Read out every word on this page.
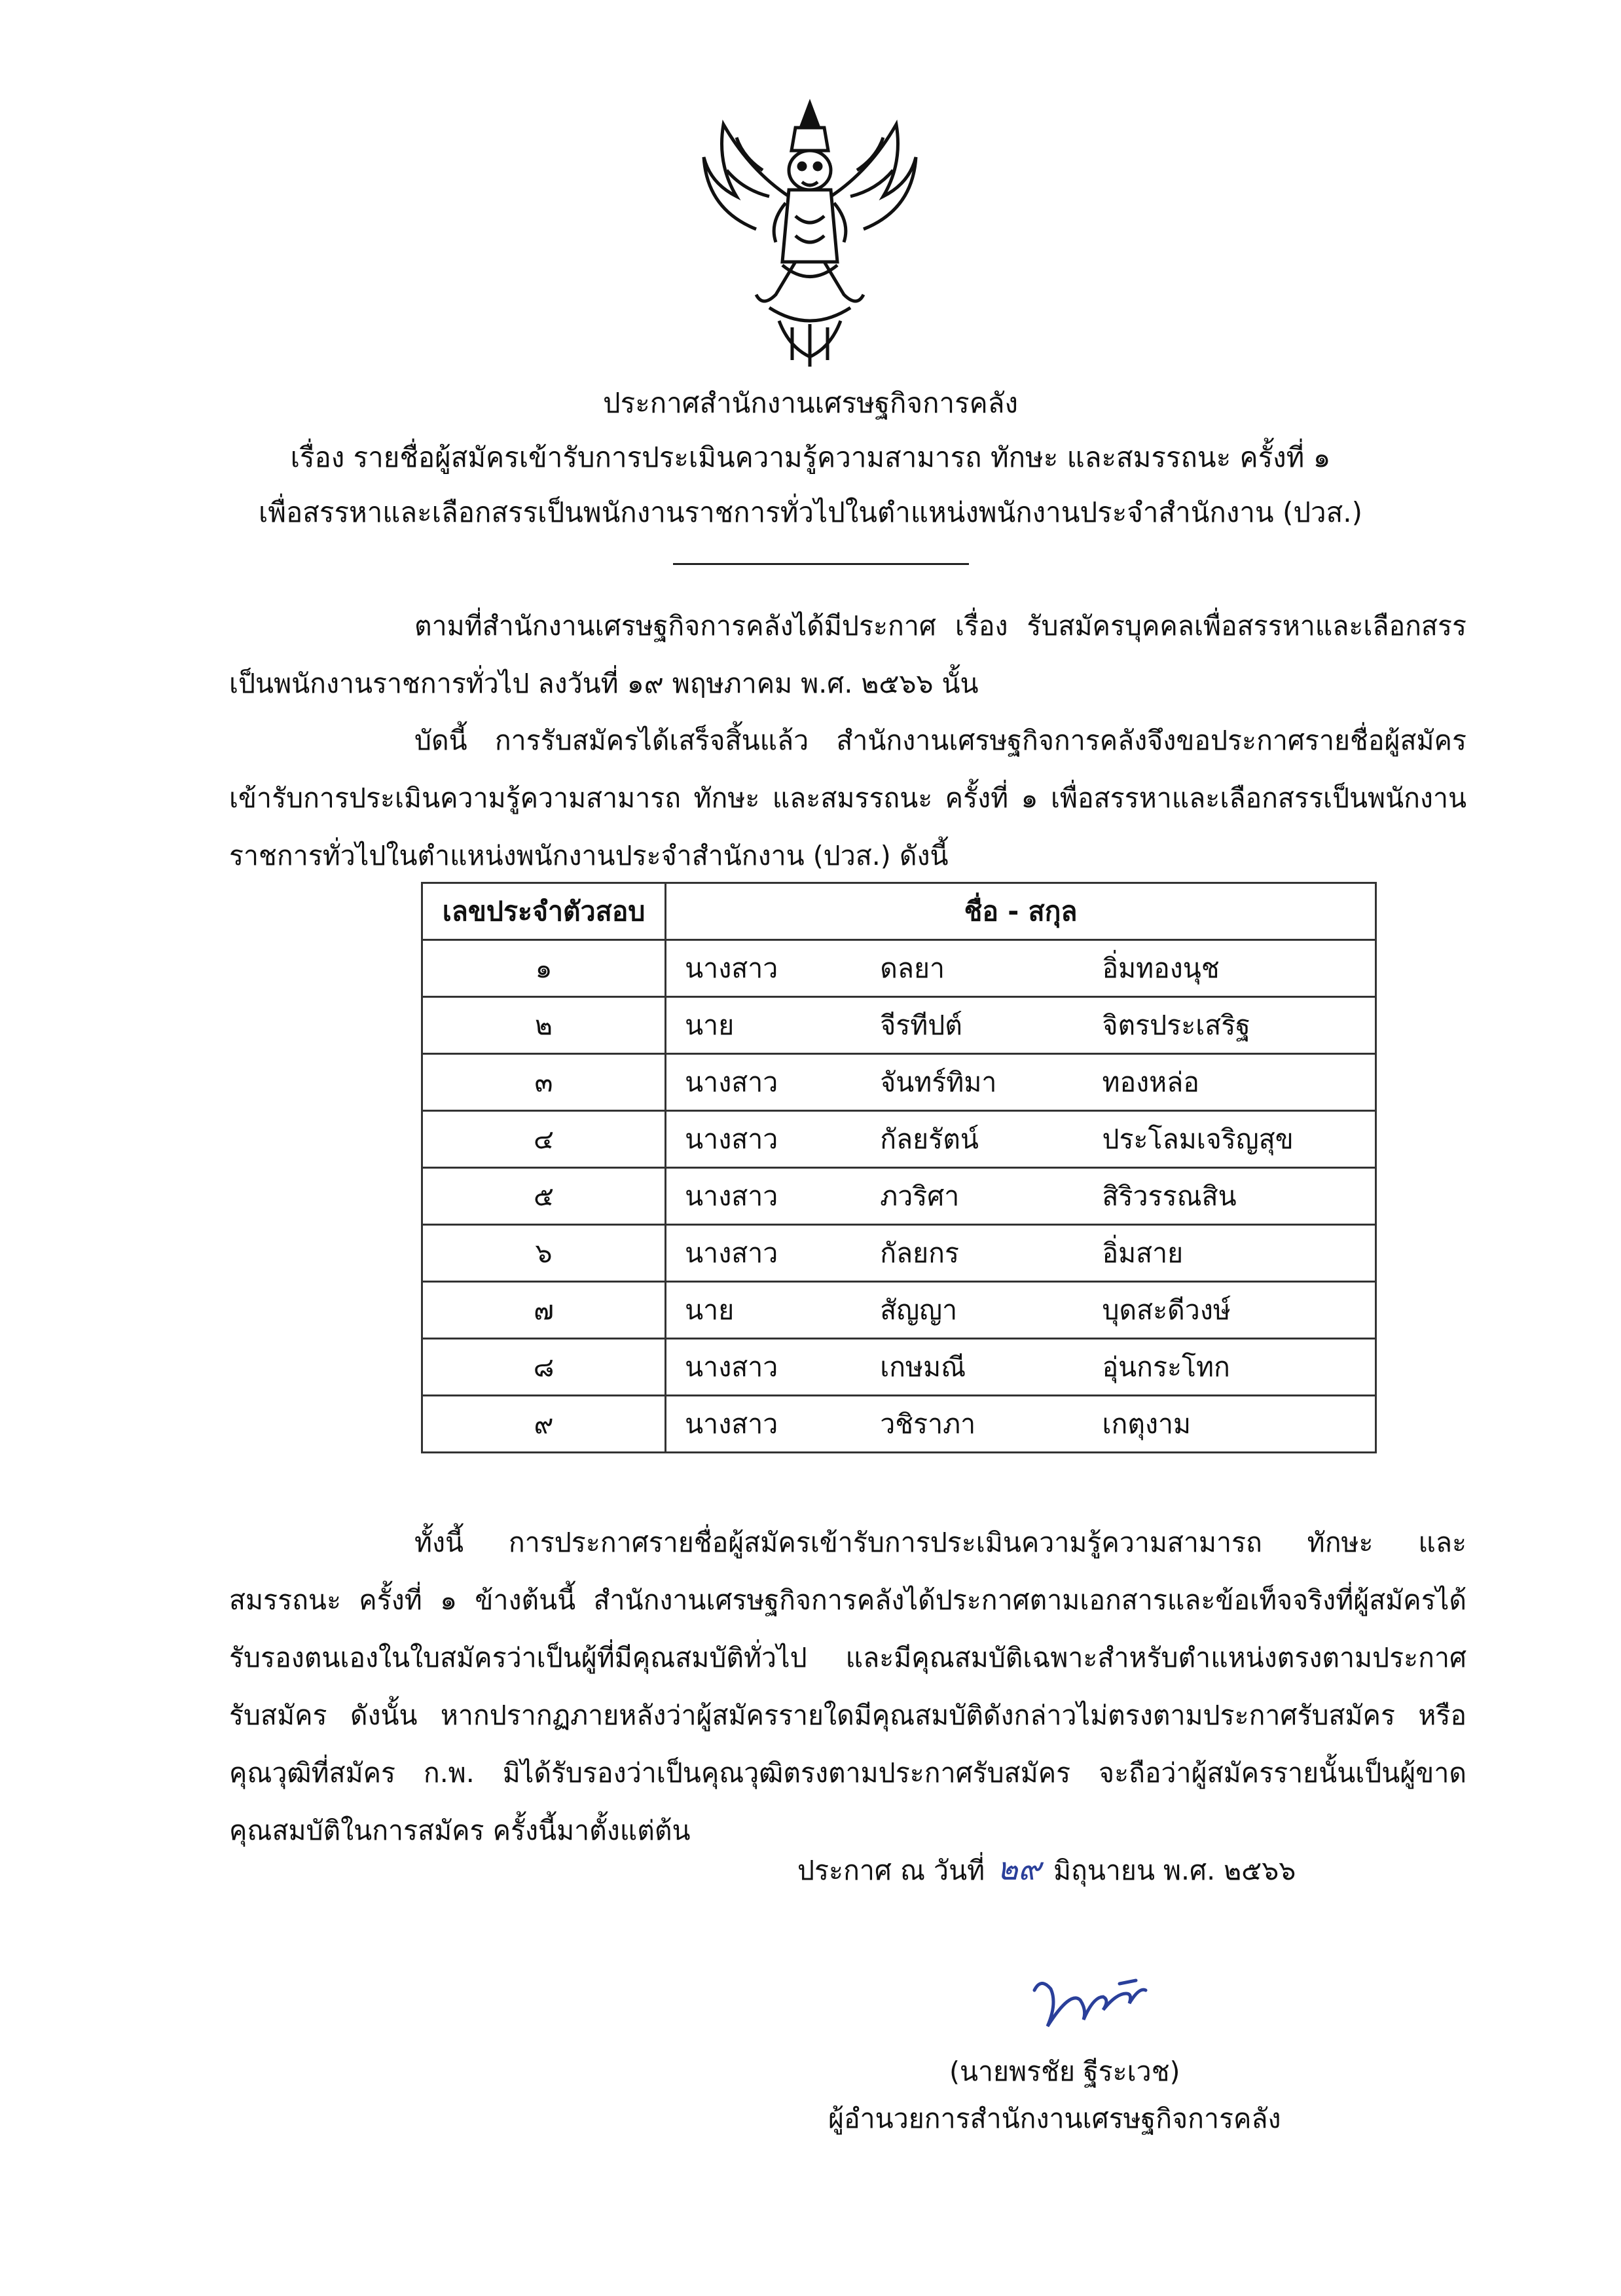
ประกาศสำนักงานเศรษฐกิจการคลัง
เรื่อง รายชื่อผู้สมัครเข้ารับการประเมินความรู้ความสามารถ ทักษะ และสมรรถนะ ครั้งที่ ๑
เพื่อสรรหาและเลือกสรรเป็นพนักงานราชการทั่วไปในตำแหน่งพนักงานประจำสำนักงาน (ปวส.)
ตามที่สำนักงานเศรษฐกิจการคลังได้มีประกาศ เรื่อง รับสมัครบุคคลเพื่อสรรหาและเลือกสรรเป็นพนักงานราชการทั่วไป ลงวันที่ ๑๙ พฤษภาคม พ.ศ. ๒๕๖๖ นั้น
บัดนี้ การรับสมัครได้เสร็จสิ้นแล้ว สำนักงานเศรษฐกิจการคลังจึงขอประกาศรายชื่อผู้สมัครเข้ารับการประเมินความรู้ความสามารถ ทักษะ และสมรรถนะ ครั้งที่ ๑ เพื่อสรรหาและเลือกสรรเป็นพนักงานราชการทั่วไปในตำแหน่งพนักงานประจำสำนักงาน (ปวส.) ดังนี้
เลขประจำตัวสอบ	ชื่อ - สกุล		
๑	นางสาว	ดลยา	อิ่มทองนุช
๒	นาย	จีรทีปต์	จิตรประเสริฐ
๓	นางสาว	จันทร์ทิมา	ทองหล่อ
๔	นางสาว	กัลยรัตน์	ประโลมเจริญสุข
๕	นางสาว	ภวริศา	สิริวรรณสิน
๖	นางสาว	กัลยกร	อิ่มสาย
๗	นาย	สัญญา	บุดสะดีวงษ์
๘	นางสาว	เกษมณี	อุ่นกระโทก
๙	นางสาว	วชิราภา	เกตุงาม
ทั้งนี้ การประกาศรายชื่อผู้สมัครเข้ารับการประเมินความรู้ความสามารถ ทักษะ และสมรรถนะ ครั้งที่ ๑ ข้างต้นนี้ สำนักงานเศรษฐกิจการคลังได้ประกาศตามเอกสารและข้อเท็จจริงที่ผู้สมัครได้รับรองตนเองในใบสมัครว่าเป็นผู้ที่มีคุณสมบัติทั่วไป และมีคุณสมบัติเฉพาะสำหรับตำแหน่งตรงตามประกาศรับสมัคร ดังนั้น หากปรากฏภายหลังว่าผู้สมัครรายใดมีคุณสมบัติดังกล่าวไม่ตรงตามประกาศรับสมัคร หรือคุณวุฒิที่สมัคร ก.พ. มิได้รับรองว่าเป็นคุณวุฒิตรงตามประกาศรับสมัคร จะถือว่าผู้สมัครรายนั้นเป็นผู้ขาดคุณสมบัติในการสมัคร ครั้งนี้มาตั้งแต่ต้น
ประกาศ ณ วันที่ ๒๙ มิถุนายน พ.ศ. ๒๕๖๖
(นายพรชัย ฐีระเวช)
ผู้อำนวยการสำนักงานเศรษฐกิจการคลัง
